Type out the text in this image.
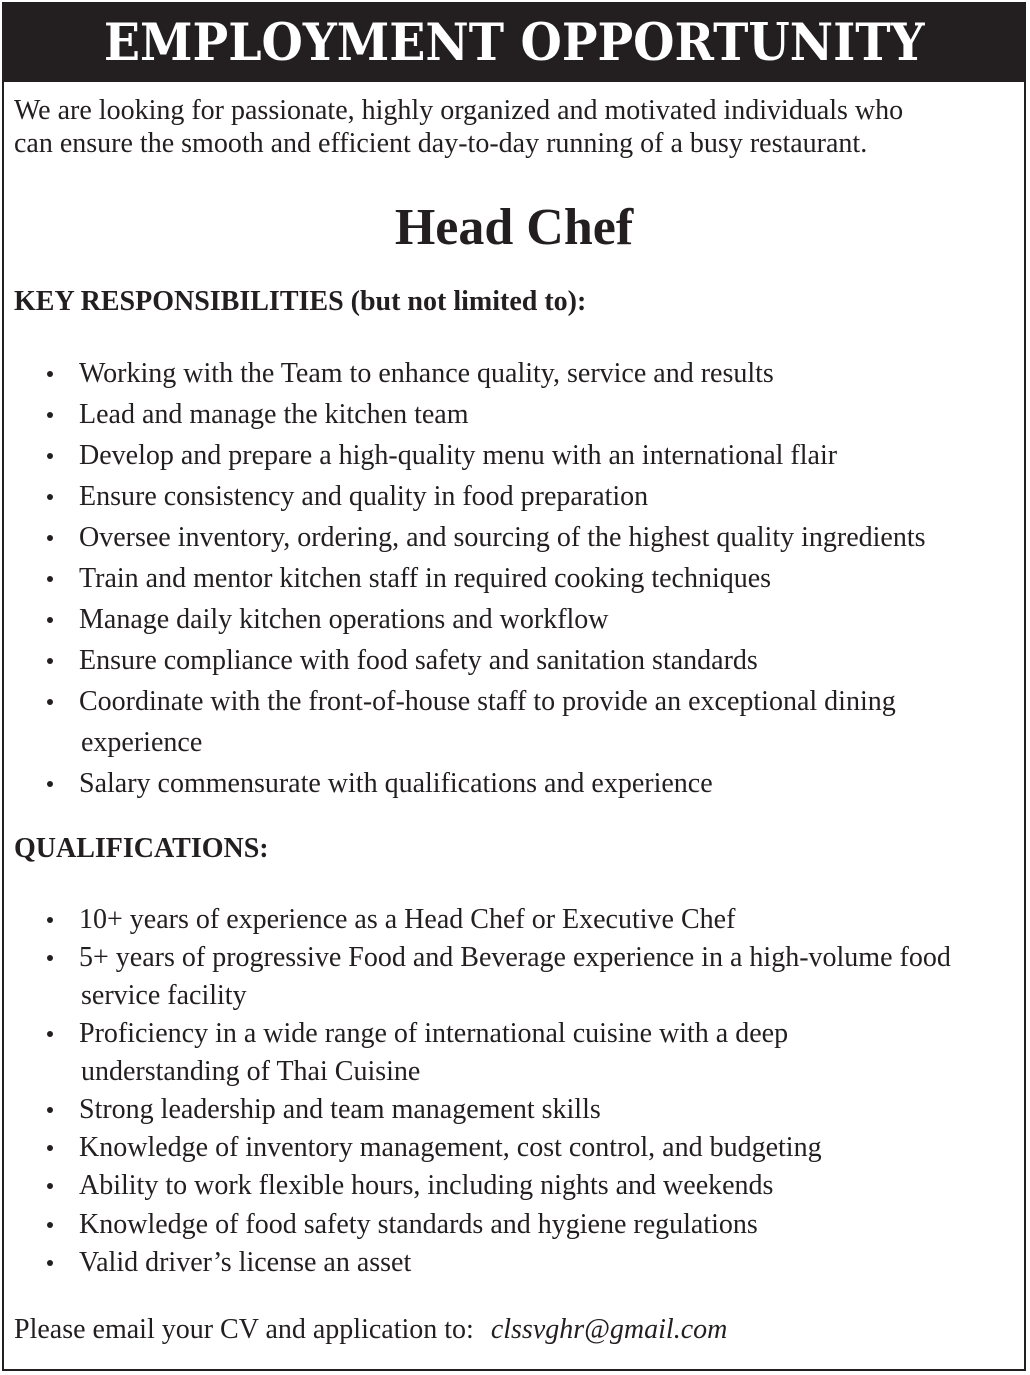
EMPLOYMENT OPPORTUNITY
We are looking for passionate, highly organized and motivated individuals who
can ensure the smooth and efficient day-to-day running of a busy restaurant.
Head Chef
KEY RESPONSIBILITIES (but not limited to):
Working with the Team to enhance quality, service and results
Lead and manage the kitchen team
Develop and prepare a high-quality menu with an international flair
Ensure consistency and quality in food preparation
Oversee inventory, ordering, and sourcing of the highest quality ingredients
Train and mentor kitchen staff in required cooking techniques
Manage daily kitchen operations and workflow
Ensure compliance with food safety and sanitation standards
Coordinate with the front-of-house staff to provide an exceptional dining
experience
Salary commensurate with qualifications and experience
QUALIFICATIONS:
10+ years of experience as a Head Chef or Executive Chef
5+ years of progressive Food and Beverage experience in a high-volume food
service facility
Proficiency in a wide range of international cuisine with a deep
understanding of Thai Cuisine
Strong leadership and team management skills
Knowledge of inventory management, cost control, and budgeting
Ability to work flexible hours, including nights and weekends
Knowledge of food safety standards and hygiene regulations
Valid driver’s license an asset
Please email your CV and application to: clssvghr@gmail.com
